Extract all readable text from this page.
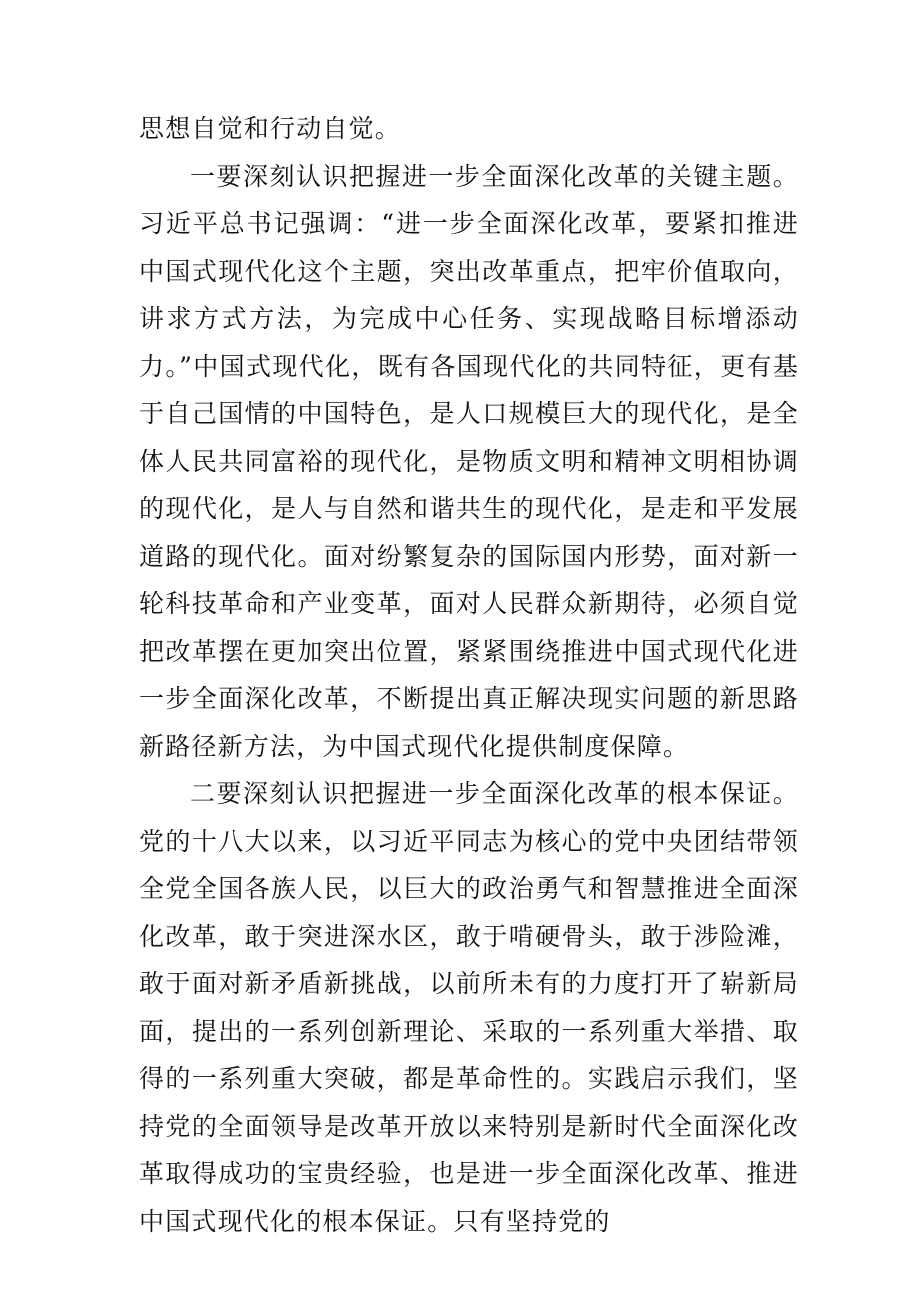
思想自觉和行动自觉。

一要深刻认识把握进一步全面深化改革的关键主题。习近平总书记强调：“进一步全面深化改革，要紧扣推进中国式现代化这个主题，突出改革重点，把牢价值取向，讲求方式方法，为完成中心任务、实现战略目标增添动力。”中国式现代化，既有各国现代化的共同特征，更有基于自己国情的中国特色，是人口规模巨大的现代化，是全体人民共同富裕的现代化，是物质文明和精神文明相协调的现代化，是人与自然和谐共生的现代化，是走和平发展道路的现代化。面对纷繁复杂的国际国内形势，面对新一轮科技革命和产业变革，面对人民群众新期待，必须自觉把改革摆在更加突出位置，紧紧围绕推进中国式现代化进一步全面深化改革，不断提出真正解决现实问题的新思路新路径新方法，为中国式现代化提供制度保障。

二要深刻认识把握进一步全面深化改革的根本保证。党的十八大以来，以习近平同志为核心的党中央团结带领全党全国各族人民，以巨大的政治勇气和智慧推进全面深化改革，敢于突进深水区，敢于啃硬骨头，敢于涉险滩，敢于面对新矛盾新挑战，以前所未有的力度打开了崭新局面，提出的一系列创新理论、采取的一系列重大举措、取得的一系列重大突破，都是革命性的。实践启示我们，坚持党的全面领导是改革开放以来特别是新时代全面深化改革取得成功的宝贵经验，也是进一步全面深化改革、推进中国式现代化的根本保证。只有坚持党的
